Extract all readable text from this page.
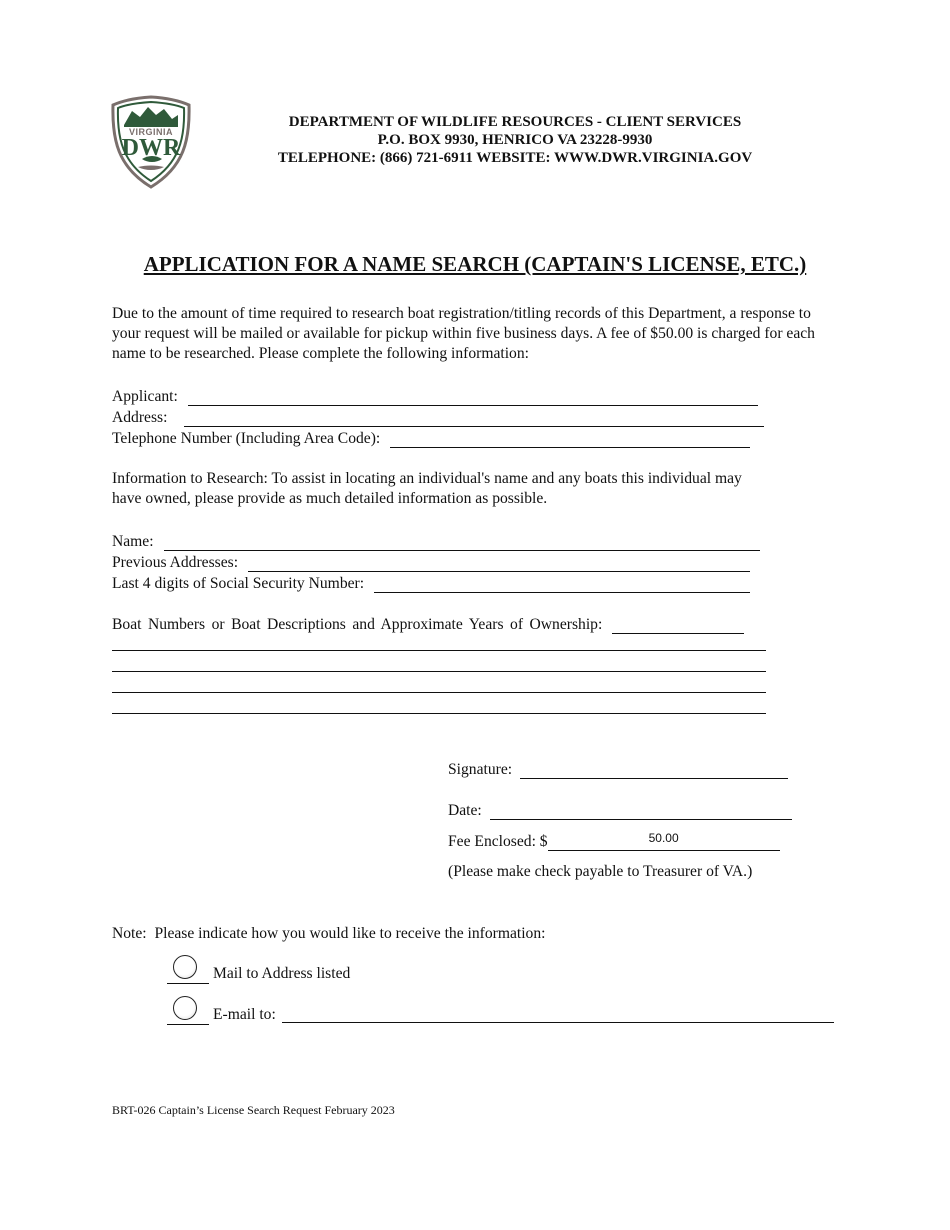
VIRGINIA
DWR
DEPARTMENT OF WILDLIFE RESOURCES - CLIENT SERVICES
P.O. BOX 9930, HENRICO VA 23228-9930
TELEPHONE: (866) 721-6911 WEBSITE: WWW.DWR.VIRGINIA.GOV
APPLICATION FOR A NAME SEARCH (CAPTAIN'S LICENSE, ETC.)
Due to the amount of time required to research boat registration/titling records of this Department, a response to your request will be mailed or available for pickup within five business days. A fee of $50.00 is charged for each name to be researched. Please complete the following information:
Applicant:
Address:
Telephone Number (Including Area Code):
Information to Research: To assist in locating an individual's name and any boats this individual may have owned, please provide as much detailed information as possible.
Name:
Previous Addresses:
Last 4 digits of Social Security Number:
Boat Numbers or Boat Descriptions and Approximate Years of Ownership:
Signature:
Date:
Fee Enclosed: $	50.00
(Please make check payable to Treasurer of VA.)
Note:  Please indicate how you would like to receive the information:
Mail to Address listed
E-mail to:
BRT-026 Captain’s License Search Request February 2023
